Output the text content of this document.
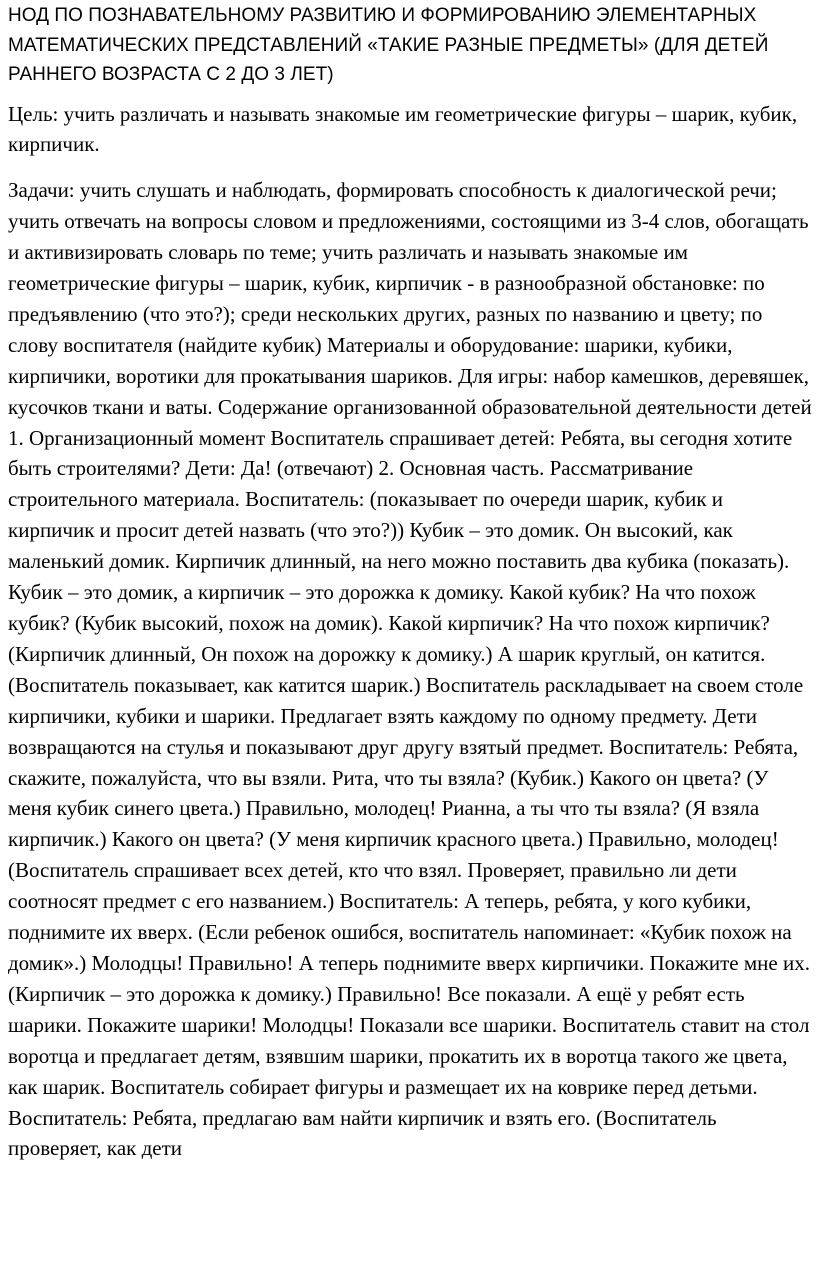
НОД ПО ПОЗНАВАТЕЛЬНОМУ РАЗВИТИЮ И ФОРМИРОВАНИЮ ЭЛЕМЕНТАРНЫХ МАТЕМАТИЧЕСКИХ ПРЕДСТАВЛЕНИЙ «ТАКИЕ РАЗНЫЕ ПРЕДМЕТЫ» (ДЛЯ ДЕТЕЙ РАННЕГО ВОЗРАСТА С 2 ДО 3 ЛЕТ)

Цель: учить различать и называть знакомые им геометрические фигуры – шарик, кубик, кирпичик.

Задачи: учить слушать и наблюдать, формировать способность к диалогической речи; учить отвечать на вопросы словом и предложениями, состоящими из 3-4 слов, обогащать и активизировать словарь по теме; учить различать и называть знакомые им геометрические фигуры – шарик, кубик, кирпичик - в разнообразной обстановке: по предъявлению (что это?); среди нескольких других, разных по названию и цвету; по слову воспитателя (найдите кубик) Материалы и оборудование: шарики, кубики, кирпичики, воротики для прокатывания шариков. Для игры: набор камешков, деревяшек, кусочков ткани и ваты. Содержание организованной образовательной деятельности детей 1. Организационный момент Воспитатель спрашивает детей: Ребята, вы сегодня хотите быть строителями? Дети: Да! (отвечают) 2. Основная часть. Рассматривание строительного материала. Воспитатель: (показывает по очереди шарик, кубик и кирпичик и просит детей назвать (что это?)) Кубик – это домик. Он высокий, как маленький домик. Кирпичик длинный, на него можно поставить два кубика (показать). Кубик – это домик, а кирпичик – это дорожка к домику. Какой кубик? На что похож кубик? (Кубик высокий, похож на домик). Какой кирпичик? На что похож кирпичик? (Кирпичик длинный, Он похож на дорожку к домику.) А шарик круглый, он катится. (Воспитатель показывает, как катится шарик.) Воспитатель раскладывает на своем столе кирпичики, кубики и шарики. Предлагает взять каждому по одному предмету. Дети возвращаются на стулья и показывают друг другу взятый предмет. Воспитатель: Ребята, скажите, пожалуйста, что вы взяли. Рита, что ты взяла? (Кубик.) Какого он цвета? (У меня кубик синего цвета.) Правильно, молодец! Рианна, а ты что ты взяла? (Я взяла кирпичик.) Какого он цвета? (У меня кирпичик красного цвета.) Правильно, молодец! (Воспитатель спрашивает всех детей, кто что взял. Проверяет, правильно ли дети соотносят предмет с его названием.) Воспитатель: А теперь, ребята, у кого кубики, поднимите их вверх. (Если ребенок ошибся, воспитатель напоминает: «Кубик похож на домик».) Молодцы! Правильно! А теперь поднимите вверх кирпичики. Покажите мне их. (Кирпичик – это дорожка к домику.) Правильно! Все показали. А ещё у ребят есть шарики. Покажите шарики! Молодцы! Показали все шарики. Воспитатель ставит на стол воротца и предлагает детям, взявшим шарики, прокатить их в воротца такого же цвета, как шарик. Воспитатель собирает фигуры и размещает их на коврике перед детьми. Воспитатель: Ребята, предлагаю вам найти кирпичик и взять его. (Воспитатель проверяет, как дети
